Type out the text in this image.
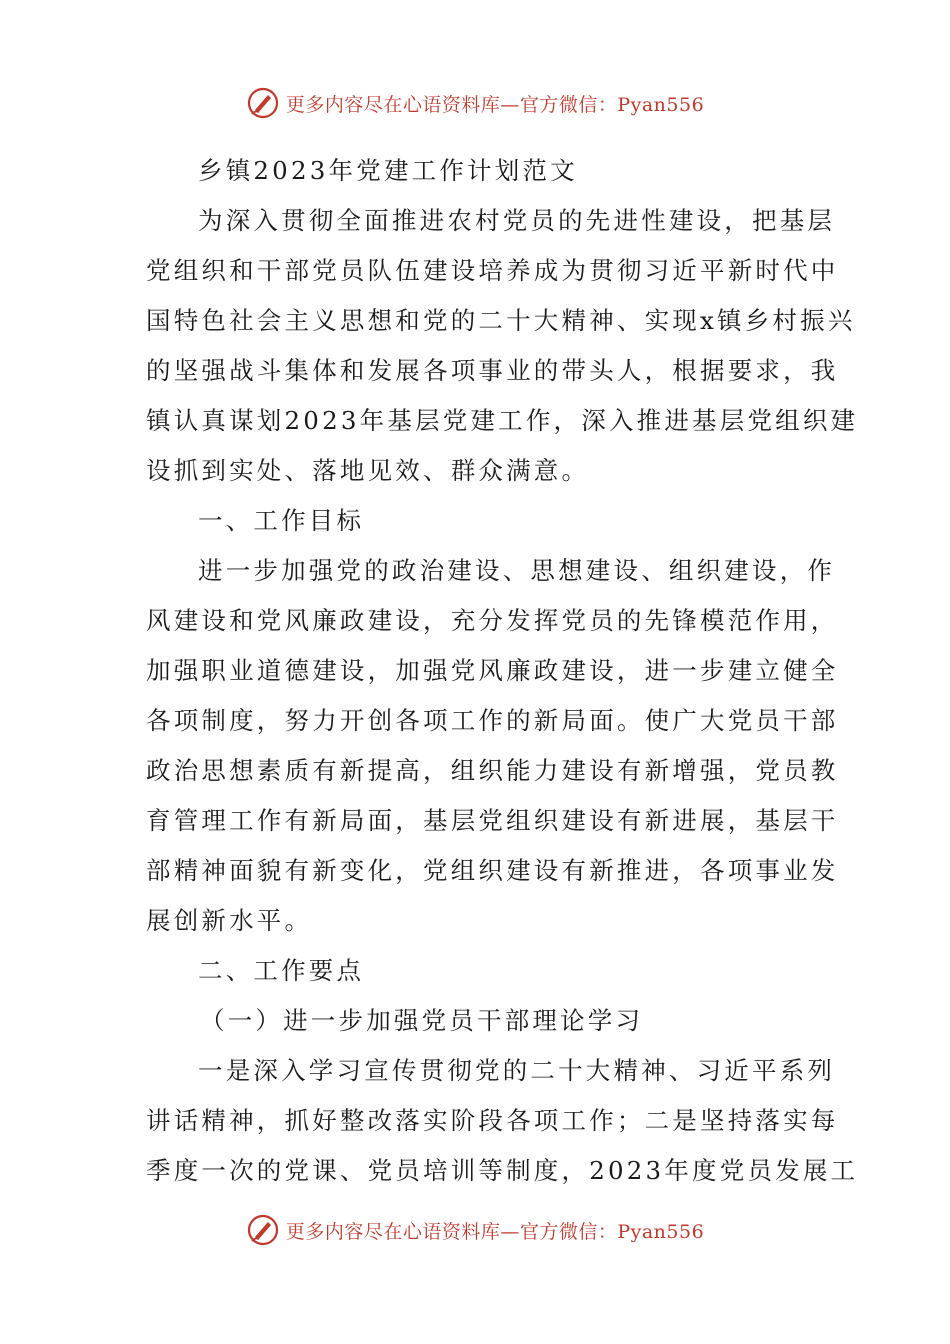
更多内容尽在心语资料库—官方微信：Pyan556
乡镇2023年党建工作计划范文
为深入贯彻全面推进农村党员的先进性建设，把基层
党组织和干部党员队伍建设培养成为贯彻习近平新时代中
国特色社会主义思想和党的二十大精神、实现x镇乡村振兴
的坚强战斗集体和发展各项事业的带头人，根据要求，我
镇认真谋划2023年基层党建工作，深入推进基层党组织建
设抓到实处、落地见效、群众满意。
一、工作目标
进一步加强党的政治建设、思想建设、组织建设，作
风建设和党风廉政建设，充分发挥党员的先锋模范作用，
加强职业道德建设，加强党风廉政建设，进一步建立健全
各项制度，努力开创各项工作的新局面。使广大党员干部
政治思想素质有新提高，组织能力建设有新增强，党员教
育管理工作有新局面，基层党组织建设有新进展，基层干
部精神面貌有新变化，党组织建设有新推进，各项事业发
展创新水平。
二、工作要点
（一）进一步加强党员干部理论学习
一是深入学习宣传贯彻党的二十大精神、习近平系列
讲话精神，抓好整改落实阶段各项工作；二是坚持落实每
季度一次的党课、党员培训等制度，2023年度党员发展工
更多内容尽在心语资料库—官方微信：Pyan556
